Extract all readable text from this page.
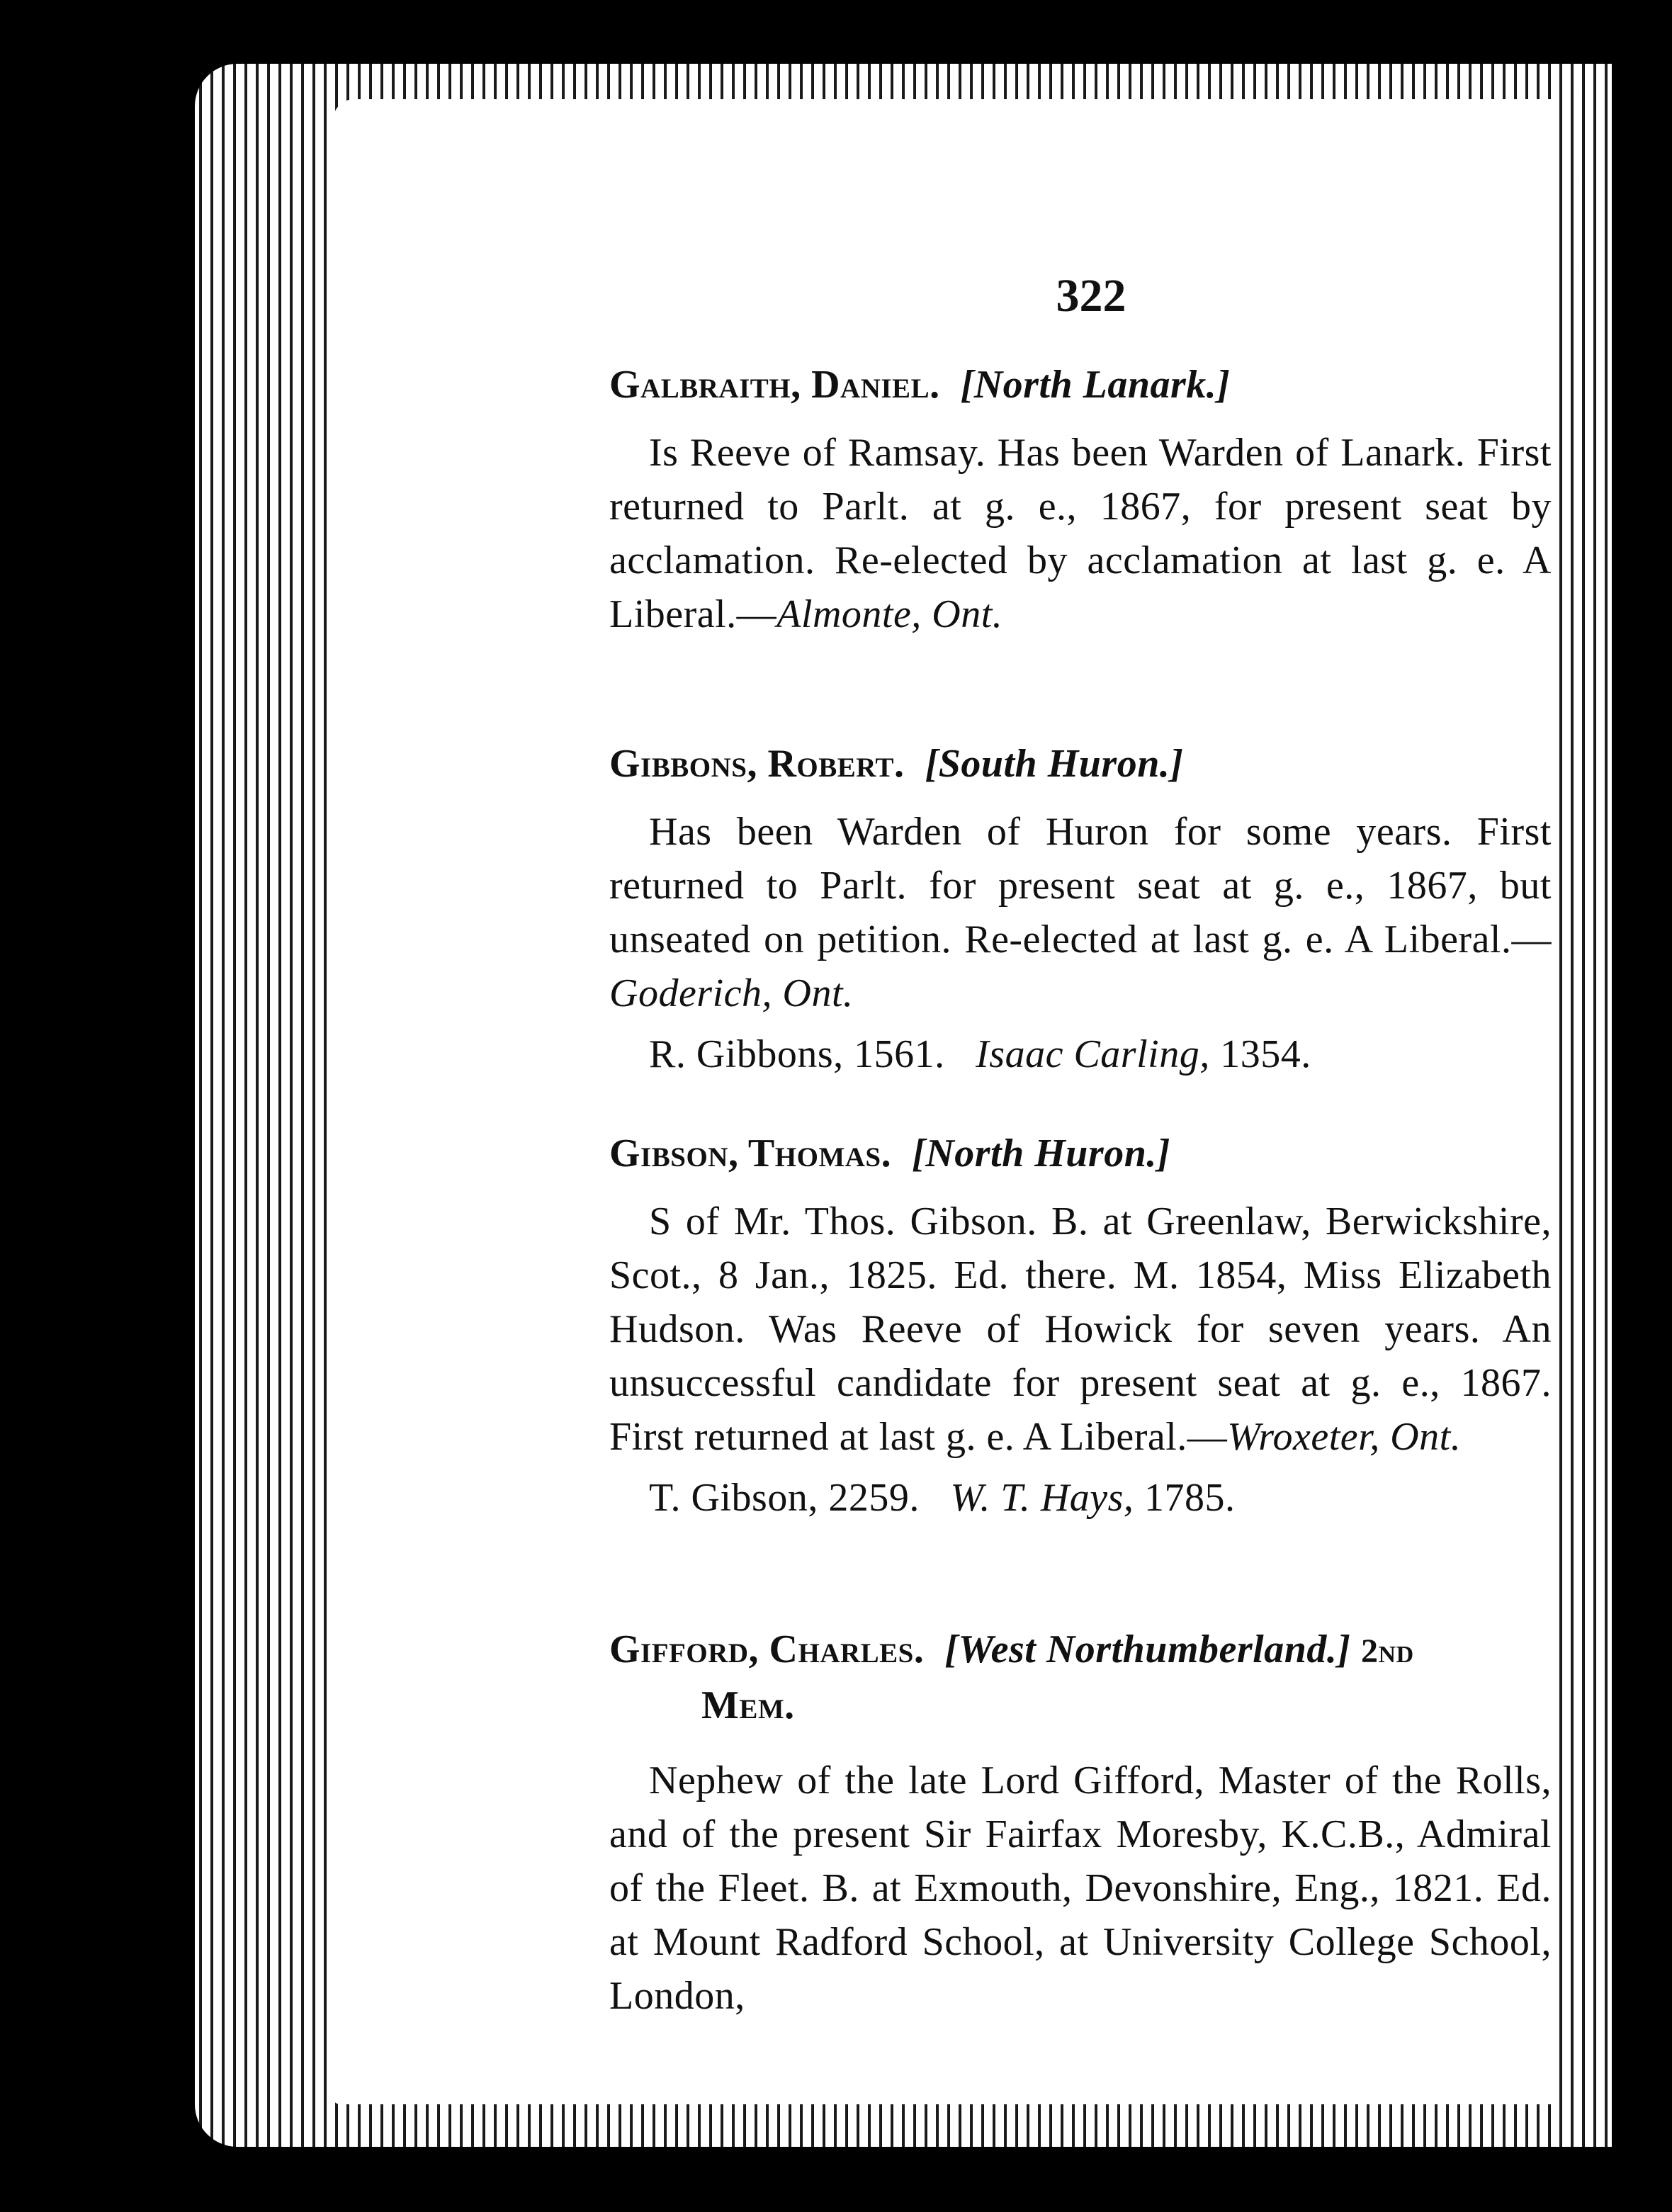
322
Galbraith, Daniel. [North Lanark.]
Is Reeve of Ramsay. Has been Warden of Lanark. First returned to Parlt. at g. e., 1867, for present seat by acclamation. Re-elected by acclamation at last g. e. A Liberal.—Almonte, Ont.
Gibbons, Robert. [South Huron.]
Has been Warden of Huron for some years. First returned to Parlt. for present seat at g. e., 1867, but unseated on petition. Re-elected at last g. e. A Liberal.—Goderich, Ont.
R. Gibbons, 1561. Isaac Carling, 1354.
Gibson, Thomas. [North Huron.]
S of Mr. Thos. Gibson. B. at Greenlaw, Berwickshire, Scot., 8 Jan., 1825. Ed. there. M. 1854, Miss Elizabeth Hudson. Was Reeve of Howick for seven years. An unsuccessful candidate for present seat at g. e., 1867. First returned at last g. e. A Liberal.—Wroxeter, Ont.
T. Gibson, 2259. W. T. Hays, 1785.
Gifford, Charles. [West Northumberland.] 2nd
Mem.
Nephew of the late Lord Gifford, Master of the Rolls, and of the present Sir Fairfax Moresby, K.C.B., Admiral of the Fleet. B. at Exmouth, Devonshire, Eng., 1821. Ed. at Mount Radford School, at University College School, London,
